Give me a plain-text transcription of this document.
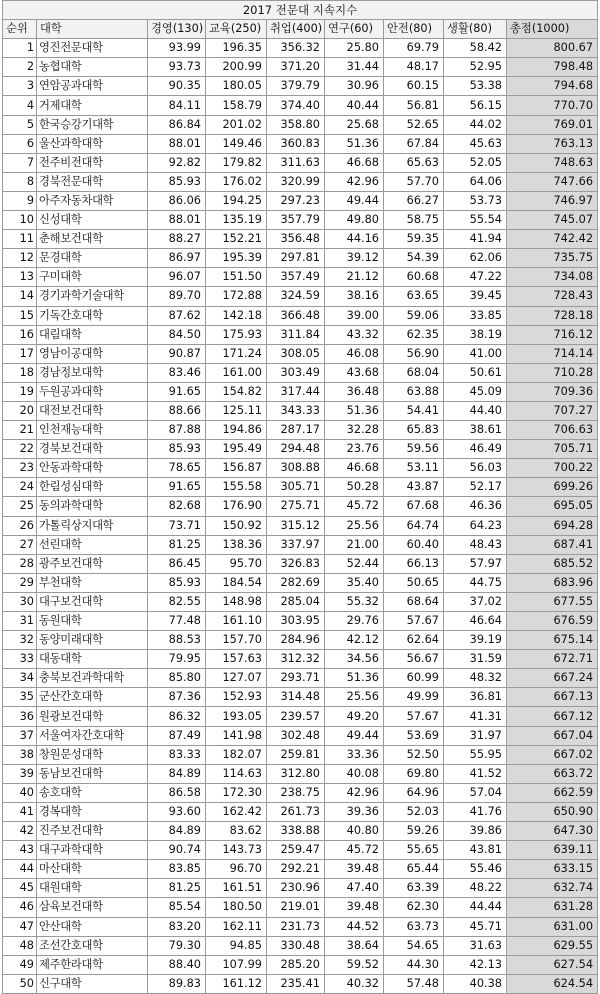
2017 전문대 지속지수								
순위	대학	경영(130)	교육(250)	취업(400)	연구(60)	안전(80)	생활(80)	총점(1000)
1	영진전문대학	93.99	196.35	356.32	25.80	69.79	58.42	800.67
2	농협대학	93.73	200.99	371.20	31.44	48.17	52.95	798.48
3	연암공과대학	90.35	180.05	379.79	30.96	60.15	53.38	794.68
4	거제대학	84.11	158.79	374.40	40.44	56.81	56.15	770.70
5	한국승강기대학	86.84	201.02	358.80	25.68	52.65	44.02	769.01
6	울산과학대학	88.01	149.46	360.83	51.36	67.84	45.63	763.13
7	전주비전대학	92.82	179.82	311.63	46.68	65.63	52.05	748.63
8	경북전문대학	85.93	176.02	320.99	42.96	57.70	64.06	747.66
9	아주자동차대학	86.06	194.25	297.23	49.44	66.27	53.73	746.97
10	신성대학	88.01	135.19	357.79	49.80	58.75	55.54	745.07
11	춘해보건대학	88.27	152.21	356.48	44.16	59.35	41.94	742.42
12	문경대학	86.97	195.39	297.81	39.12	54.39	62.06	735.75
13	구미대학	96.07	151.50	357.49	21.12	60.68	47.22	734.08
14	경기과학기술대학	89.70	172.88	324.59	38.16	63.65	39.45	728.43
15	기독간호대학	87.62	142.18	366.48	39.00	59.06	33.85	728.18
16	대림대학	84.50	175.93	311.84	43.32	62.35	38.19	716.12
17	영남이공대학	90.87	171.24	308.05	46.08	56.90	41.00	714.14
18	경남정보대학	83.46	161.00	303.49	43.68	68.04	50.61	710.28
19	두원공과대학	91.65	154.82	317.44	36.48	63.88	45.09	709.36
20	대전보건대학	88.66	125.11	343.33	51.36	54.41	44.40	707.27
21	인천재능대학	87.88	194.86	287.17	32.28	65.83	38.61	706.63
22	경북보건대학	85.93	195.49	294.48	23.76	59.56	46.49	705.71
23	안동과학대학	78.65	156.87	308.88	46.68	53.11	56.03	700.22
24	한림성심대학	91.65	155.58	305.71	50.28	43.87	52.17	699.26
25	동의과학대학	82.68	176.90	275.71	45.72	67.68	46.36	695.05
26	가톨릭상지대학	73.71	150.92	315.12	25.56	64.74	64.23	694.28
27	선린대학	81.25	138.36	337.97	21.00	60.40	48.43	687.41
28	광주보건대학	86.45	95.70	326.83	52.44	66.13	57.97	685.52
29	부천대학	85.93	184.54	282.69	35.40	50.65	44.75	683.96
30	대구보건대학	82.55	148.98	285.04	55.32	68.64	37.02	677.55
31	동원대학	77.48	161.10	303.95	29.76	57.67	46.64	676.59
32	동양미래대학	88.53	157.70	284.96	42.12	62.64	39.19	675.14
33	대동대학	79.95	157.63	312.32	34.56	56.67	31.59	672.71
34	충북보건과학대학	85.80	127.07	293.71	51.36	60.99	48.32	667.24
35	군산간호대학	87.36	152.93	314.48	25.56	49.99	36.81	667.13
36	원광보건대학	86.32	193.05	239.57	49.20	57.67	41.31	667.12
37	서울여자간호대학	87.49	141.98	302.48	49.44	53.69	31.97	667.04
38	창원문성대학	83.33	182.07	259.81	33.36	52.50	55.95	667.02
39	동남보건대학	84.89	114.63	312.80	40.08	69.80	41.52	663.72
40	송호대학	86.58	172.30	238.75	42.96	64.96	57.04	662.59
41	경복대학	93.60	162.42	261.73	39.36	52.03	41.76	650.90
42	진주보건대학	84.89	83.62	338.88	40.80	59.26	39.86	647.30
43	대구과학대학	90.74	143.73	259.47	45.72	55.65	43.81	639.11
44	마산대학	83.85	96.70	292.21	39.48	65.44	55.46	633.15
45	대원대학	81.25	161.51	230.96	47.40	63.39	48.22	632.74
46	삼육보건대학	85.54	180.50	219.01	39.48	62.30	44.44	631.28
47	안산대학	83.20	162.11	231.73	44.52	63.73	45.71	631.00
48	조선간호대학	79.30	94.85	330.48	38.64	54.65	31.63	629.55
49	제주한라대학	88.40	107.99	285.20	59.52	44.30	42.13	627.54
50	신구대학	89.83	161.12	235.41	40.32	57.48	40.38	624.54
